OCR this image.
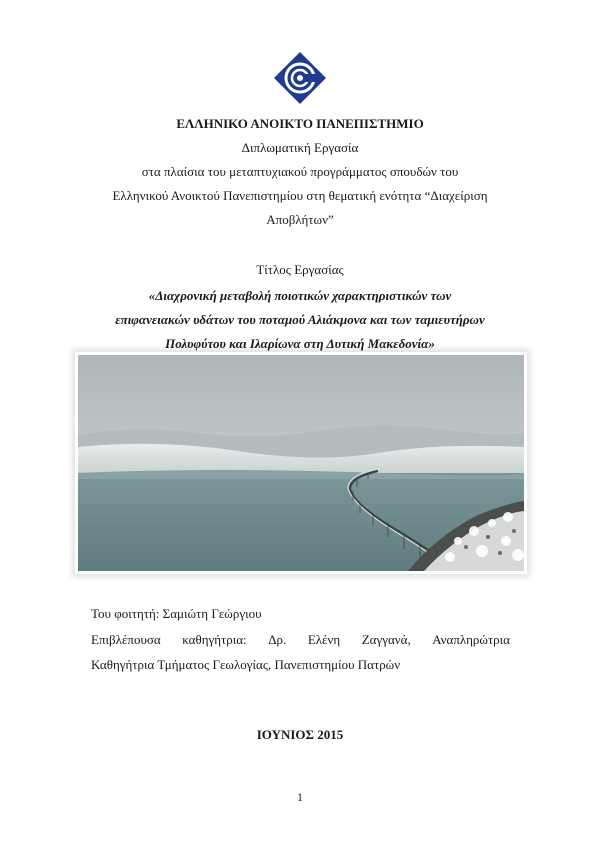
ΕΛΛΗΝΙΚΟ ΑΝΟΙΚΤΟ ΠΑΝΕΠΙΣΤΗΜΙΟ
Διπλωματική Εργασία
στα πλαίσια του μεταπτυχιακού προγράμματος σπουδών του
Ελληνικού Ανοικτού Πανεπιστημίου στη θεματική ενότητα “Διαχείριση
Αποβλήτων”
Τίτλος Εργασίας
«Διαχρονική μεταβολή ποιοτικών χαρακτηριστικών των
επιφανειακών υδάτων του ποταμού Αλιάκμονα και των ταμιευτήρων
Πολυφύτου και Ιλαρίωνα στη Δυτική Μακεδονία»
Του φοιτητή: Σαμιώτη Γεώργιου
Επιβλέπουσα καθηγήτρια: Δρ. Ελένη Ζαγγανά, Αναπληρώτρια
Καθηγήτρια Τμήματος Γεωλογίας, Πανεπιστημίου Πατρών
ΙΟΥΝΙΟΣ 2015
1
